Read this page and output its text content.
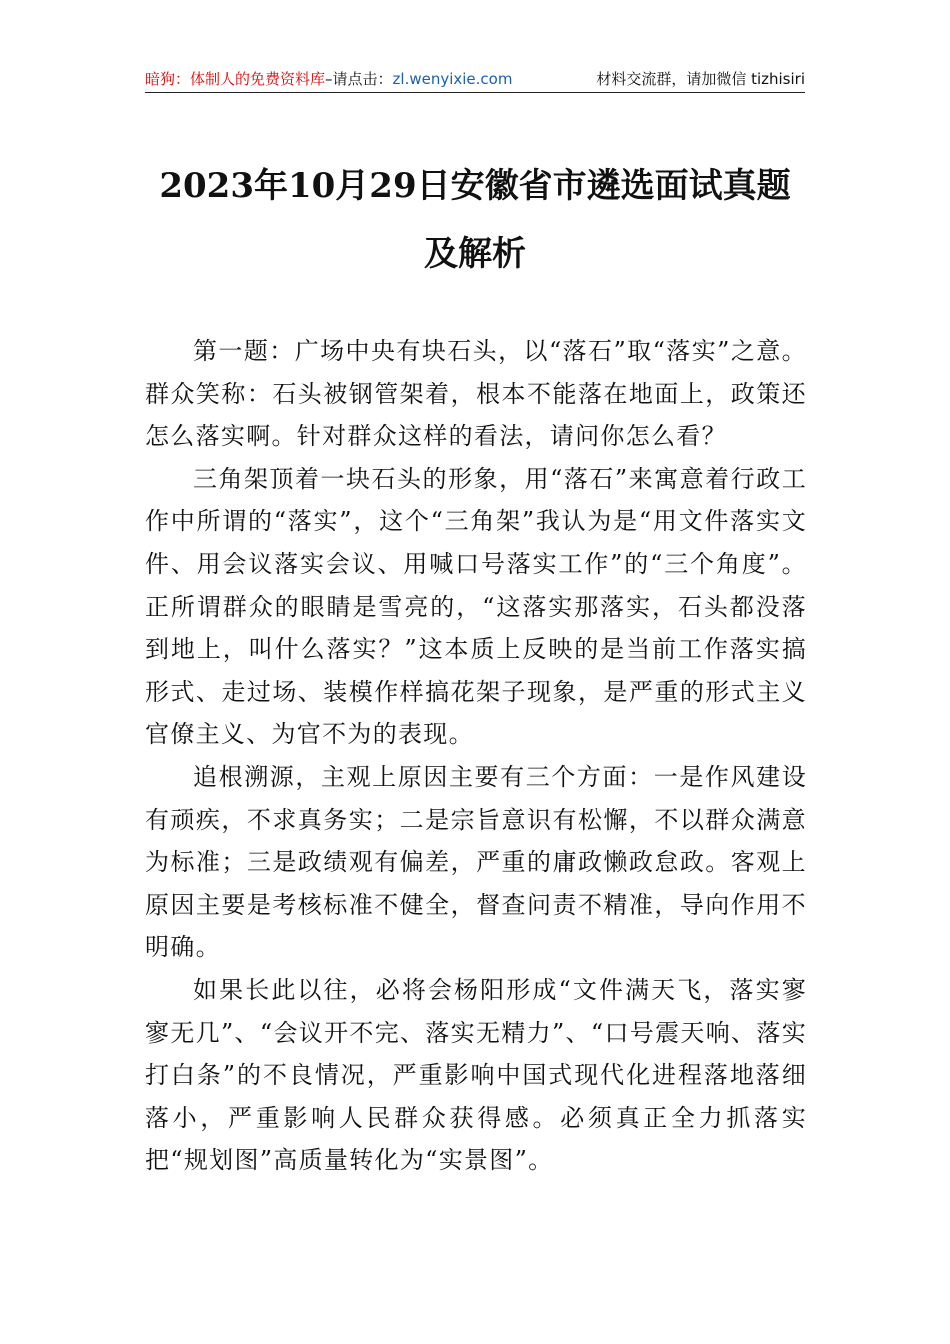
暗狗：体制人的免费资料库–请点击：zl.wenyixie.com	材料交流群，请加微信 tizhisiri
2023年10月29日安徽省市遴选面试真题及解析

第一题：广场中央有块石头，以“落石”取“落实”之意。群众笑称：石头被钢管架着，根本不能落在地面上，政策还怎么落实啊。针对群众这样的看法，请问你怎么看？

三角架顶着一块石头的形象，用“落石”来寓意着行政工作中所谓的“落实”，这个“三角架”我认为是“用文件落实文件、用会议落实会议、用喊口号落实工作”的“三个角度”。正所谓群众的眼睛是雪亮的，“这落实那落实，石头都没落到地上，叫什么落实？”这本质上反映的是当前工作落实搞形式、走过场、装模作样搞花架子现象，是严重的形式主义官僚主义、为官不为的表现。

追根溯源，主观上原因主要有三个方面：一是作风建设有顽疾，不求真务实；二是宗旨意识有松懈，不以群众满意为标准；三是政绩观有偏差，严重的庸政懒政怠政。客观上原因主要是考核标准不健全，督查问责不精准，导向作用不明确。

如果长此以往，必将会杨阳形成“文件满天飞，落实寥寥无几”、“会议开不完、落实无精力”、“口号震天响、落实打白条”的不良情况，严重影响中国式现代化进程落地落细落小，严重影响人民群众获得感。必须真正全力抓落实把“规划图”高质量转化为“实景图”。
